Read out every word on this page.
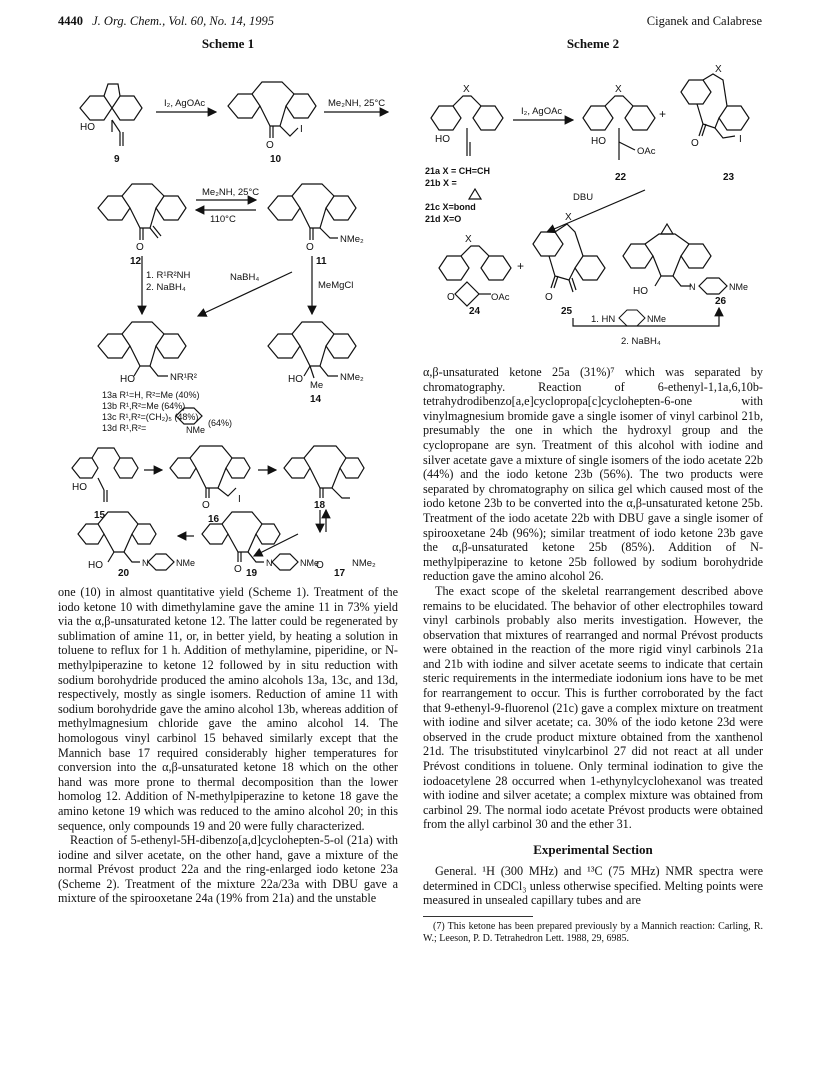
4440 J. Org. Chem., Vol. 60, No. 14, 1995	Ciganek and Calabrese
Scheme 1
HO
9
I₂, AgOAc
O
I
10
Me₂NH, 25°C
Me₂NH, 25°C
110°C
O	O
NMe₂
12	11
1. R¹R²NH
2. NaBH₄
NaBH₄
MeMgCl
HO	NR¹R²	HO
Me
NMe₂
14
13a R¹=H, R²=Me (40%)
13b R¹,R²=Me (64%)
13c R¹,R²=(CH₂)₅ (48%)
13d R¹,R²=	NMe
(64%)
HO
15
O
I
16
18
HO	N	NMe
O
N	NMe
O	NMe₂
20	19	17

one (10) in almost quantitative yield (Scheme 1). Treatment of the iodo ketone 10 with dimethylamine gave the amine 11 in 73% yield via the α,β-unsaturated ketone 12. The latter could be regenerated by sublimation of amine 11, or, in better yield, by heating a solution in toluene to reflux for 1 h. Addition of methylamine, piperidine, or N-methylpiperazine to ketone 12 followed by in situ reduction with sodium borohydride produced the amino alcohols 13a, 13c, and 13d, respectively, mostly as single isomers. Reduction of amine 11 with sodium borohydride gave the amino alcohol 13b, whereas addition of methylmagnesium chloride gave the amino alcohol 14. The homologous vinyl carbinol 15 behaved similarly except that the Mannich base 17 required considerably higher temperatures for conversion into the α,β-unsaturated ketone 18 which on the other hand was more prone to thermal decomposition than the lower homolog 12. Addition of N-methylpiperazine to ketone 18 gave the amino ketone 19 which was reduced to the amino alcohol 20; in this sequence, only compounds 19 and 20 were fully characterized.

Reaction of 5-ethenyl-5H-dibenzo[a,d]cyclohepten-5-ol (21a) with iodine and silver acetate, on the other hand, gave a mixture of the normal Prévost product 22a and the ring-enlarged iodo ketone 23a (Scheme 2). Treatment of the mixture 22a/23a with DBU gave a mixture of the spirooxetane 24a (19% from 21a) and the unstable

Scheme 2
X
HO
I₂, AgOAc
X
HO
OAc
+
X
O	I
21a X = CH=CH
21b X =
21c X=bond
21d X=O
22	23
DBU
X
O	OAc
+
X
O
HO	N	NMe
24	25
26
1. HN	NMe
2. NaBH₄

α,β-unsaturated ketone 25a (31%)⁷ which was separated by chromatography. Reaction of 6-ethenyl-1,1a,6,10b-tetrahydrodibenzo[a,e]cyclopropa[c]cyclohepten-6-one with vinylmagnesium bromide gave a single isomer of vinyl carbinol 21b, presumably the one in which the hydroxyl group and the cyclopropane are syn. Treatment of this alcohol with iodine and silver acetate gave a mixture of single isomers of the iodo acetate 22b (44%) and the iodo ketone 23b (56%). The two products were separated by chromatography on silica gel which caused most of the iodo ketone 23b to be converted into the α,β-unsaturated ketone 25b. Treatment of the iodo acetate 22b with DBU gave a single isomer of spirooxetane 24b (96%); similar treatment of iodo ketone 23b gave the α,β-unsaturated ketone 25b (85%). Addition of N-methylpiperazine to ketone 25b followed by sodium borohydride reduction gave the amino alcohol 26.

The exact scope of the skeletal rearrangement described above remains to be elucidated. The behavior of other electrophiles toward vinyl carbinols probably also merits investigation. However, the observation that mixtures of rearranged and normal Prévost products were obtained in the reaction of the more rigid vinyl carbinols 21a and 21b with iodine and silver acetate seems to indicate that certain steric requirements in the intermediate iodonium ions have to be met for rearrangement to occur. This is further corroborated by the fact that 9-ethenyl-9-fluorenol (21c) gave a complex mixture on treatment with iodine and silver acetate; ca. 30% of the iodo ketone 23d were observed in the crude product mixture obtained from the xanthenol 21d. The trisubstituted vinylcarbinol 27 did not react at all under Prévost conditions in toluene. Only terminal iodination to give the iodoacetylene 28 occurred when 1-ethynylcyclohexanol was treated with iodine and silver acetate; a complex mixture was obtained from carbinol 29. The normal iodo acetate Prévost products were obtained from the allyl carbinol 30 and the ether 31.

Experimental Section

General. ¹H (300 MHz) and ¹³C (75 MHz) NMR spectra were determined in CDCl₃ unless otherwise specified. Melting points were measured in unsealed capillary tubes and are

(7) This ketone has been prepared previously by a Mannich reaction: Carling, R. W.; Leeson, P. D. Tetrahedron Lett. 1988, 29, 6985.
